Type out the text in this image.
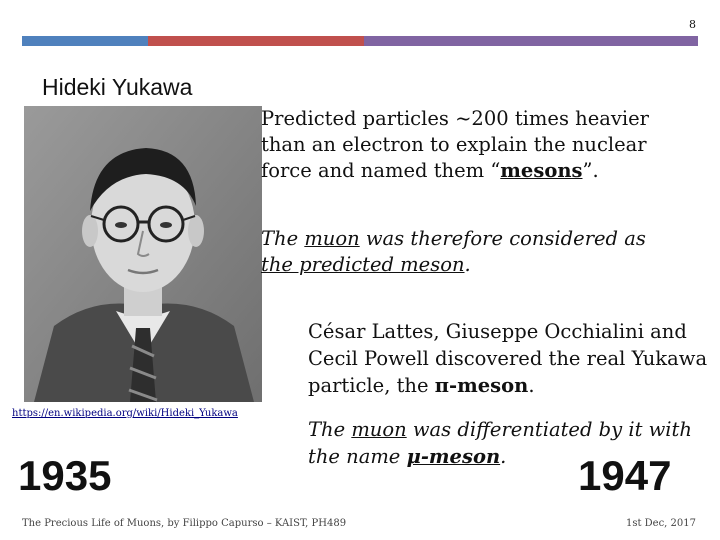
8
Hideki Yukawa
https://en.wikipedia.org/wiki/Hideki_Yukawa
Predicted particles ~200 times heavier than an electron to explain the nuclear force and named them “mesons”.
The muon was therefore considered as the predicted meson.
César Lattes, Giuseppe Occhialini and Cecil Powell discovered the real Yukawa particle, the π-meson.
The muon was differentiated by it with the name μ-meson.
1935	1947
The Precious Life of Muons, by Filippo Capurso – KAIST, PH489	1st Dec, 2017
